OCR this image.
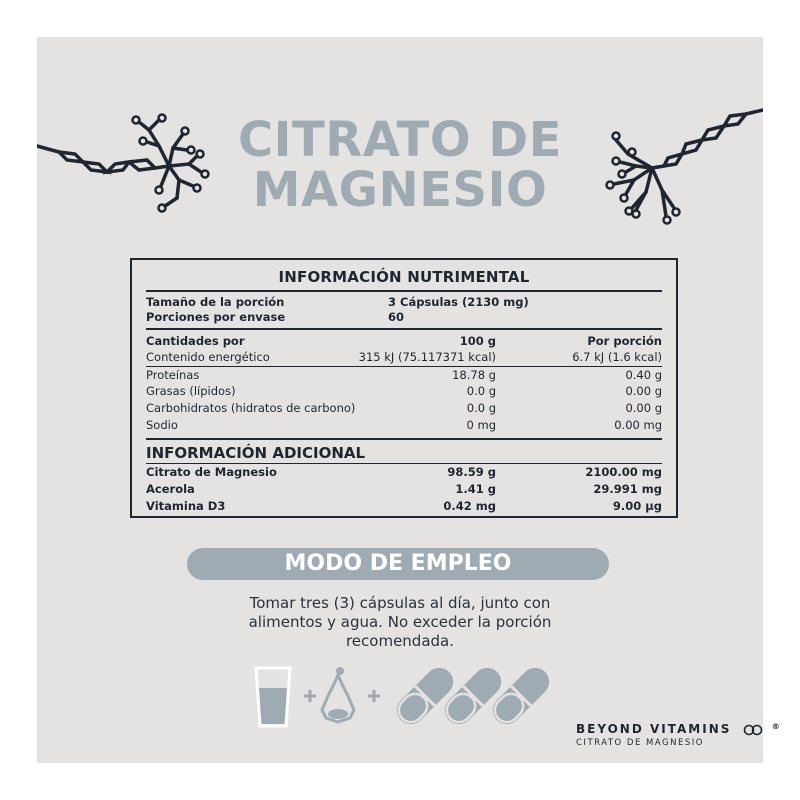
CITRATO DE
MAGNESIO
INFORMACIÓN NUTRIMENTAL
Tamaño de la porción	3 Cápsulas (2130 mg)
Porciones por envase	60
Cantidades por	100 g	Por porción
Contenido energético	315 kJ (75.117371 kcal)	6.7 kJ (1.6 kcal)
Proteínas	18.78 g	0.40 g
Grasas (lípidos)	0.0 g	0.00 g
Carbohidratos (hidratos de carbono)	0.0 g	0.00 g
Sodio	0 mg	0.00 mg
INFORMACIÓN ADICIONAL
Citrato de Magnesio	98.59 g	2100.00 mg
Acerola	1.41 g	29.991 mg
Vitamina D3	0.42 mg	9.00 µg
MODO DE EMPLEO
Tomar tres (3) cápsulas al día, junto con
alimentos y agua. No exceder la porción
recomendada.
BEYOND VITAMINS	®
CITRATO DE MAGNESIO
